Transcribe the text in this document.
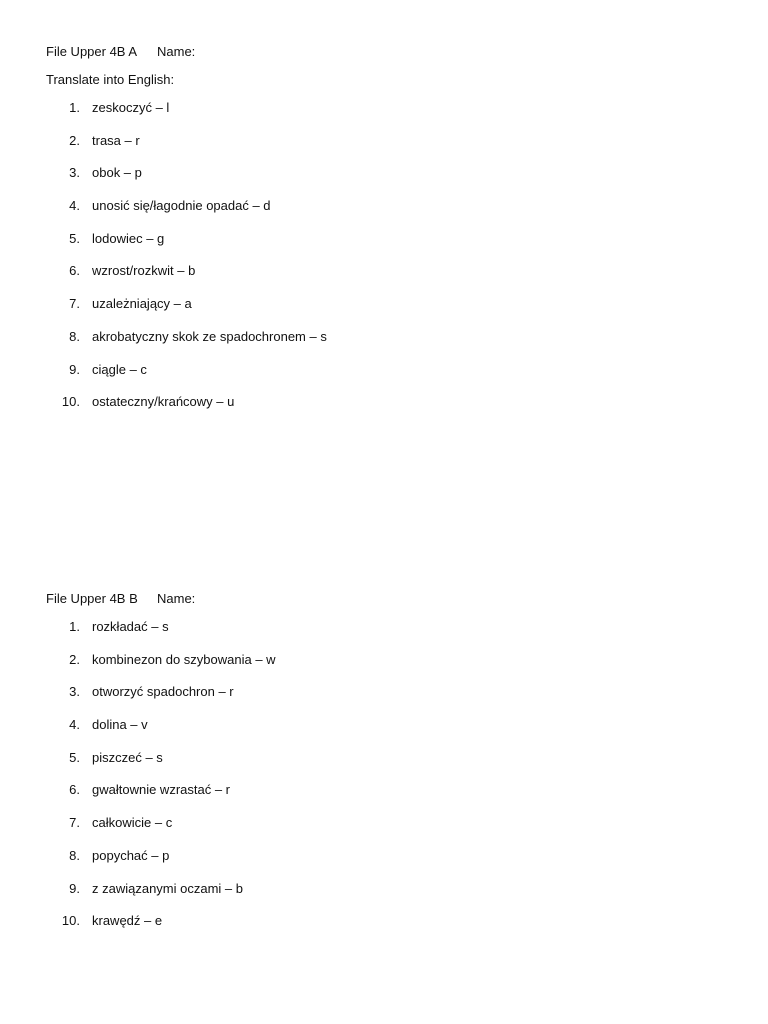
File Upper 4B A Name:
Translate into English:
1. zeskoczyć – l
2. trasa – r
3. obok – p
4. unosić się/łagodnie opadać – d
5. lodowiec – g
6. wzrost/rozkwit – b
7. uzależniający – a
8. akrobatyczny skok ze spadochronem – s
9. ciągle – c
10. ostateczny/krańcowy – u
File Upper 4B B Name:
1. rozkładać – s
2. kombinezon do szybowania – w
3. otworzyć spadochron – r
4. dolina – v
5. piszczeć – s
6. gwałtownie wzrastać – r
7. całkowicie – c
8. popychać – p
9. z zawiązanymi oczami – b
10. krawędź – e
